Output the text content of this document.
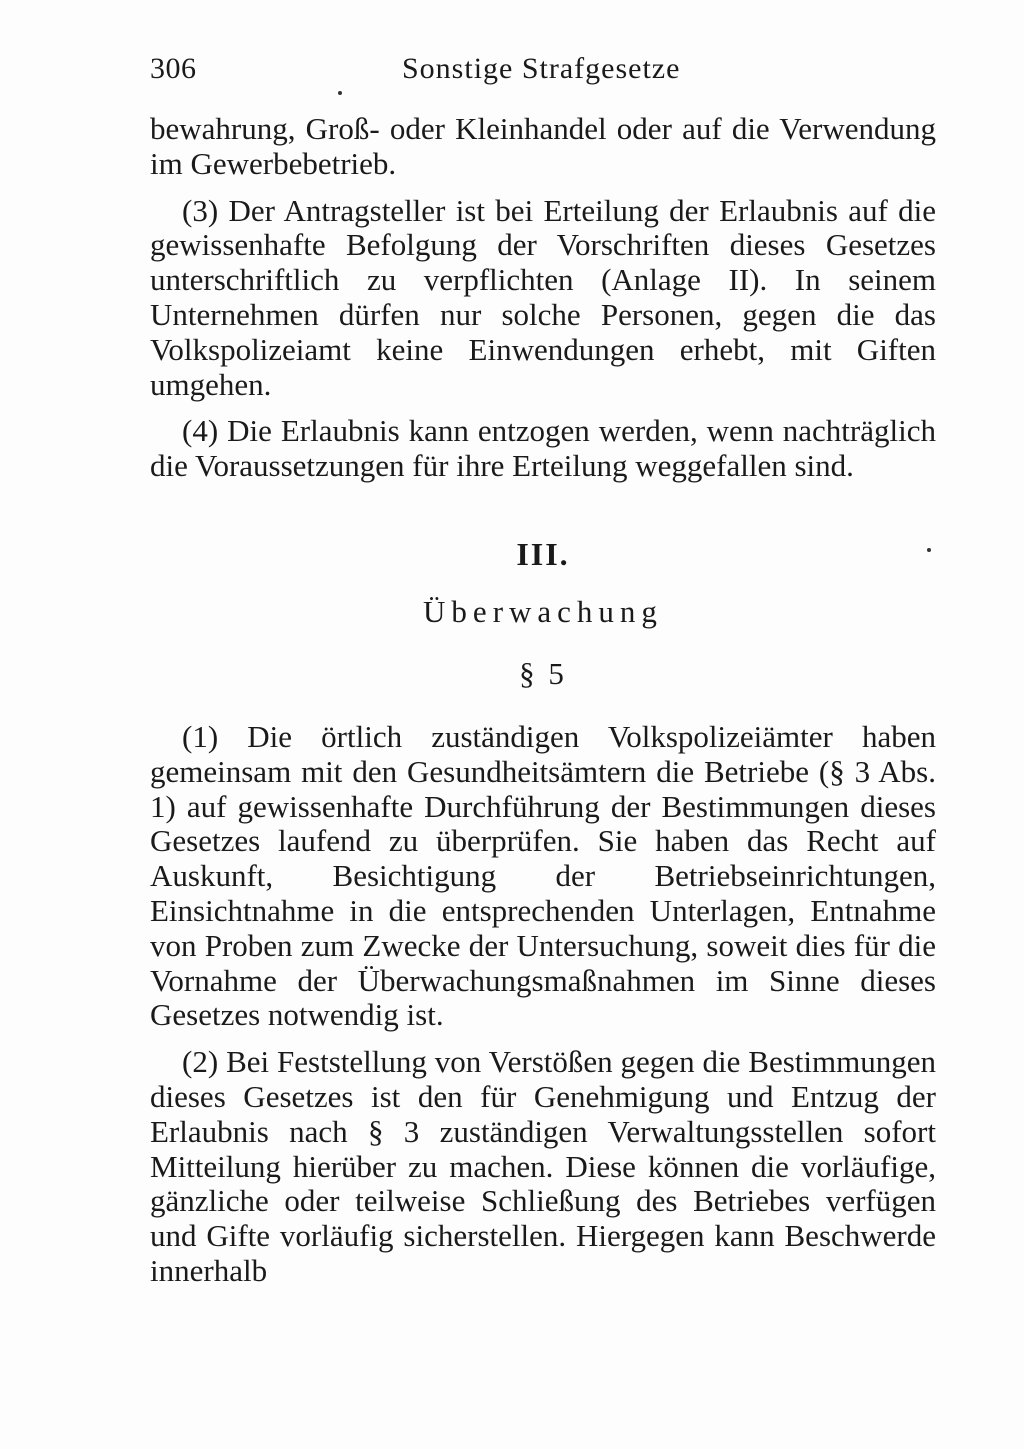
306	Sonstige Strafgesetze

bewahrung, Groß- oder Kleinhandel oder auf die Verwendung im Gewerbebetrieb.

(3) Der Antragsteller ist bei Erteilung der Erlaubnis auf die gewissenhafte Befolgung der Vorschriften dieses Gesetzes unterschriftlich zu verpflichten (Anlage II). In seinem Unternehmen dürfen nur solche Personen, gegen die das Volkspolizeiamt keine Einwendungen erhebt, mit Giften umgehen.

(4) Die Erlaubnis kann entzogen werden, wenn nachträglich die Voraussetzungen für ihre Erteilung weggefallen sind.

III.
Überwachung
§ 5

(1) Die örtlich zuständigen Volkspolizeiämter haben gemeinsam mit den Gesundheitsämtern die Betriebe (§ 3 Abs. 1) auf gewissenhafte Durchführung der Bestimmungen dieses Gesetzes laufend zu überprüfen. Sie haben das Recht auf Auskunft, Besichtigung der Betriebseinrichtungen, Einsichtnahme in die entsprechenden Unterlagen, Entnahme von Proben zum Zwecke der Untersuchung, soweit dies für die Vornahme der Überwachungsmaßnahmen im Sinne dieses Gesetzes notwendig ist.

(2) Bei Feststellung von Verstößen gegen die Bestimmungen dieses Gesetzes ist den für Genehmigung und Entzug der Erlaubnis nach § 3 zuständigen Verwaltungsstellen sofort Mitteilung hierüber zu machen. Diese können die vorläufige, gänzliche oder teilweise Schließung des Betriebes verfügen und Gifte vorläufig sicherstellen. Hiergegen kann Beschwerde innerhalb
